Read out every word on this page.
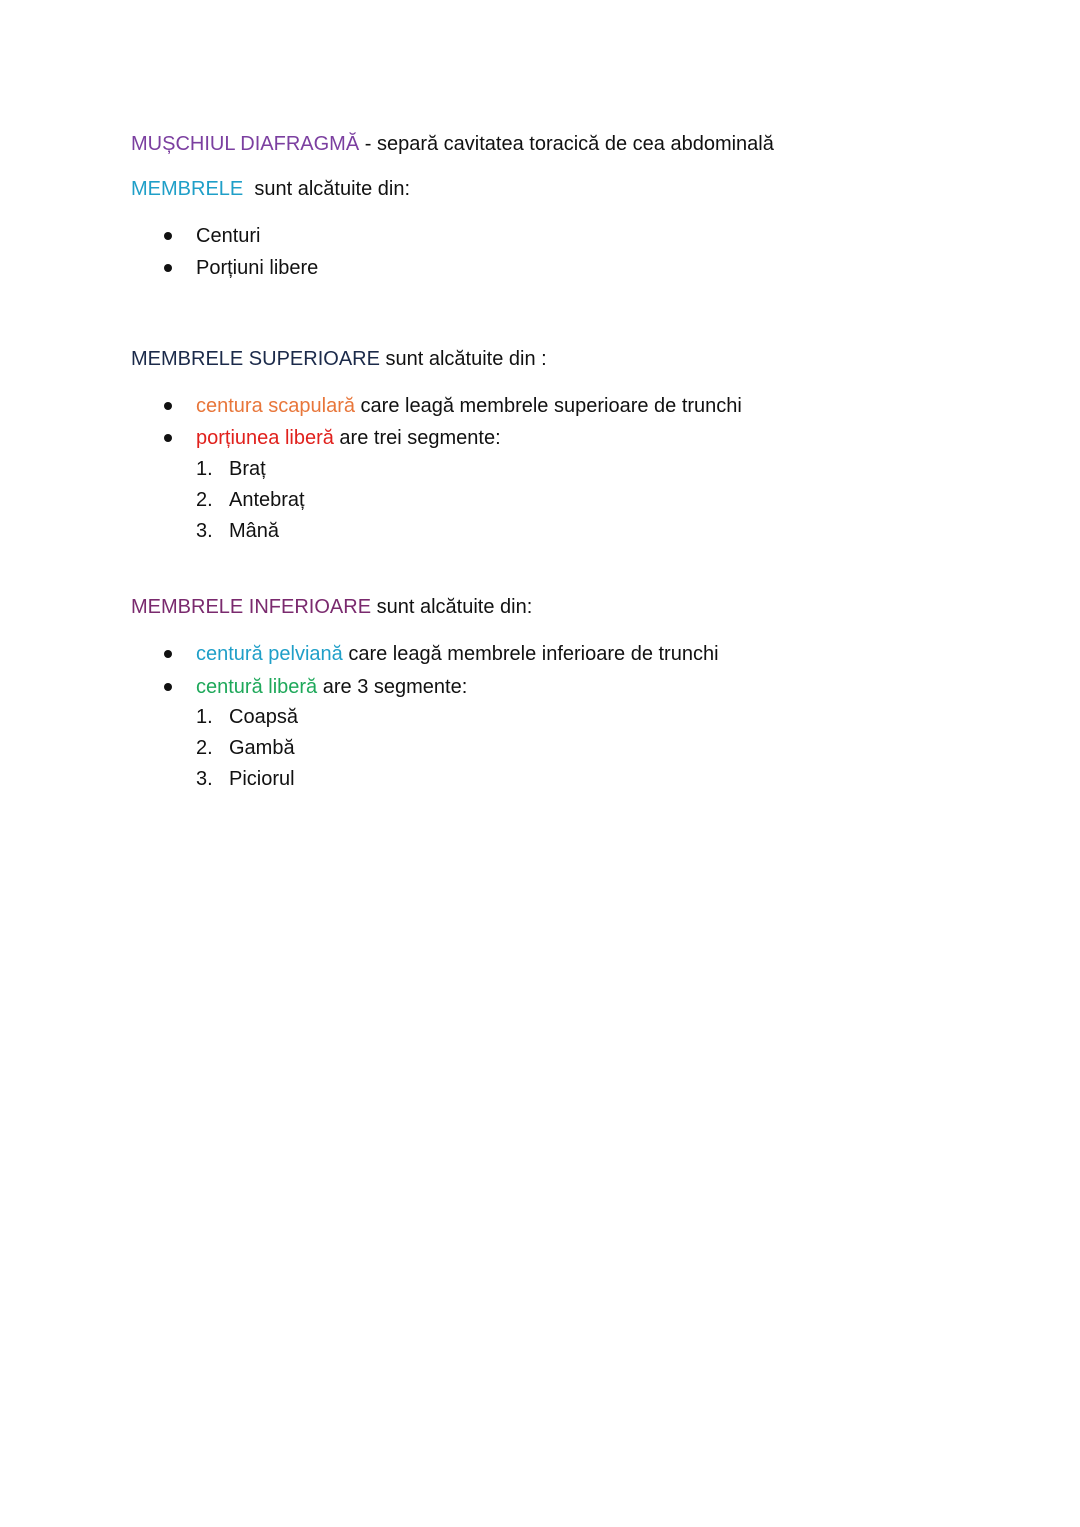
MUȘCHIUL DIAFRAGMĂ - separă cavitatea toracică de cea abdominală
MEMBRELE  sunt alcătuite din:
Centuri
Porțiuni libere
MEMBRELE SUPERIOARE sunt alcătuite din :
centura scapulară care leagă membrele superioare de trunchi
porțiunea liberă are trei segmente:
1. Braț
2. Antebraț
3. Mână
MEMBRELE INFERIOARE sunt alcătuite din:
centură pelviană care leagă membrele inferioare de trunchi
centură liberă are 3 segmente:
1. Coapsă
2. Gambă
3. Piciorul
